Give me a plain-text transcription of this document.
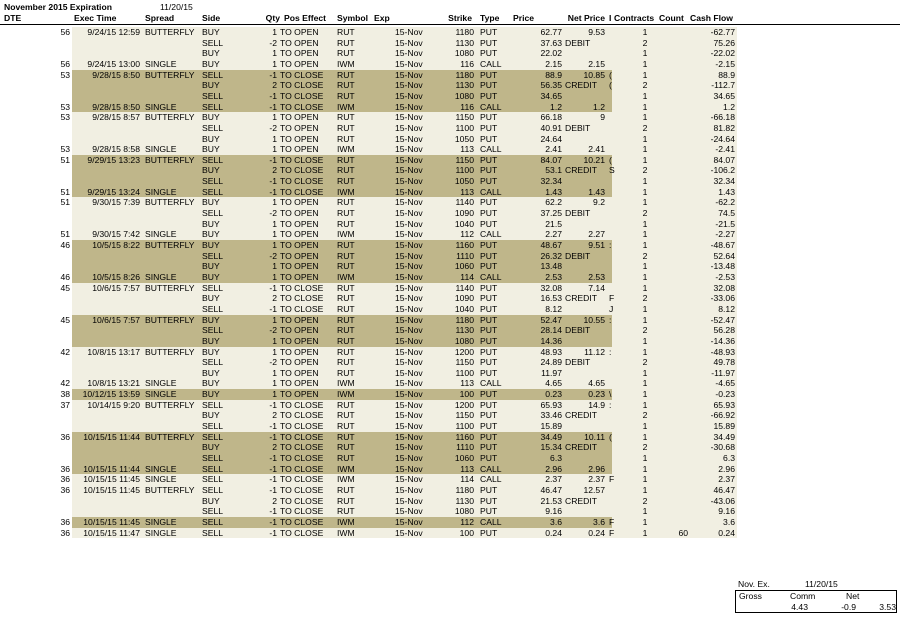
November 2015 Expiration	11/20/15
DTE	Exec Time	Spread	Side	Qty Pos Effect	Symbol Exp	Strike Type	Price	Net Price I Contracts Count Cash Flow
56	9/24/15 12:59 BUTTERFLY BUY	1 TO OPEN	RUT	15-Nov	1180 PUT	62.77	9.53	1	-62.77
SELL	-2 TO OPEN	RUT	15-Nov	1130 PUT	37.63 DEBIT	2	75.26
BUY	1 TO OPEN	RUT	15-Nov	1080 PUT	22.02	1	-22.02
56	9/24/15 13:00 SINGLE	BUY	1 TO OPEN	IWM	15-Nov	116 CALL	2.15	2.15	1	-2.15
53	9/28/15 8:50 BUTTERFLY SELL	-1 TO CLOSE	RUT	15-Nov	1180 PUT	88.9	10.85 (	1	88.9
BUY	2 TO CLOSE	RUT	15-Nov	1130 PUT	56.35 CREDIT	(	2	-112.7
SELL	-1 TO CLOSE	RUT	15-Nov	1080 PUT	34.65	1	34.65
53	9/28/15 8:50 SINGLE	SELL	-1 TO CLOSE	IWM	15-Nov	116 CALL	1.2	1.2	1	1.2
53	9/28/15 8:57 BUTTERFLY BUY	1 TO OPEN	RUT	15-Nov	1150 PUT	66.18	9	1	-66.18
SELL	-2 TO OPEN	RUT	15-Nov	1100 PUT	40.91 DEBIT	2	81.82
BUY	1 TO OPEN	RUT	15-Nov	1050 PUT	24.64	1	-24.64
53	9/28/15 8:58 SINGLE	BUY	1 TO OPEN	IWM	15-Nov	113 CALL	2.41	2.41	1	-2.41
51	9/29/15 13:23 BUTTERFLY SELL	-1 TO CLOSE	RUT	15-Nov	1150 PUT	84.07	10.21 (	1	84.07
BUY	2 TO CLOSE	RUT	15-Nov	1100 PUT	53.1 CREDIT	S	2	-106.2
SELL	-1 TO CLOSE	RUT	15-Nov	1050 PUT	32.34	1	32.34
51	9/29/15 13:24 SINGLE	SELL	-1 TO CLOSE	IWM	15-Nov	113 CALL	1.43	1.43	1	1.43
51	9/30/15 7:39 BUTTERFLY BUY	1 TO OPEN	RUT	15-Nov	1140 PUT	62.2	9.2	1	-62.2
SELL	-2 TO OPEN	RUT	15-Nov	1090 PUT	37.25 DEBIT	2	74.5
BUY	1 TO OPEN	RUT	15-Nov	1040 PUT	21.5	1	-21.5
51	9/30/15 7:42 SINGLE	BUY	1 TO OPEN	IWM	15-Nov	112 CALL	2.27	2.27	1	-2.27
46	10/5/15 8:22 BUTTERFLY BUY	1 TO OPEN	RUT	15-Nov	1160 PUT	48.67	9.51 :	1	-48.67
SELL	-2 TO OPEN	RUT	15-Nov	1110 PUT	26.32 DEBIT	2	52.64
BUY	1 TO OPEN	RUT	15-Nov	1060 PUT	13.48	1	-13.48
46	10/5/15 8:26 SINGLE	BUY	1 TO OPEN	IWM	15-Nov	114 CALL	2.53	2.53	1	-2.53
45	10/6/15 7:57 BUTTERFLY SELL	-1 TO CLOSE	RUT	15-Nov	1140 PUT	32.08	7.14	1	32.08
BUY	2 TO CLOSE	RUT	15-Nov	1090 PUT	16.53 CREDIT	F	2	-33.06
SELL	-1 TO CLOSE	RUT	15-Nov	1040 PUT	8.12	J	1	8.12
45	10/6/15 7:57 BUTTERFLY BUY	1 TO OPEN	RUT	15-Nov	1180 PUT	52.47	10.55 :	1	-52.47
SELL	-2 TO OPEN	RUT	15-Nov	1130 PUT	28.14 DEBIT	2	56.28
BUY	1 TO OPEN	RUT	15-Nov	1080 PUT	14.36	1	-14.36
42	10/8/15 13:17 BUTTERFLY BUY	1 TO OPEN	RUT	15-Nov	1200 PUT	48.93	11.12 :	1	-48.93
SELL	-2 TO OPEN	RUT	15-Nov	1150 PUT	24.89 DEBIT	2	49.78
BUY	1 TO OPEN	RUT	15-Nov	1100 PUT	11.97	1	-11.97
42	10/8/15 13:21 SINGLE	BUY	1 TO OPEN	IWM	15-Nov	113 CALL	4.65	4.65	1	-4.65
38	10/12/15 13:59 SINGLE	BUY	1 TO OPEN	IWM	15-Nov	100 PUT	0.23	0.23 \	1	-0.23
37	10/14/15 9:20 BUTTERFLY SELL	-1 TO CLOSE	RUT	15-Nov	1200 PUT	65.93	14.9 :	1	65.93
BUY	2 TO CLOSE	RUT	15-Nov	1150 PUT	33.46 CREDIT	2	-66.92
SELL	-1 TO CLOSE	RUT	15-Nov	1100 PUT	15.89	1	15.89
36	10/15/15 11:44 BUTTERFLY SELL	-1 TO CLOSE	RUT	15-Nov	1160 PUT	34.49	10.11 (	1	34.49
BUY	2 TO CLOSE	RUT	15-Nov	1110 PUT	15.34 CREDIT	2	-30.68
SELL	-1 TO CLOSE	RUT	15-Nov	1060 PUT	6.3	1	6.3
36	10/15/15 11:44 SINGLE	SELL	-1 TO CLOSE	IWM	15-Nov	113 CALL	2.96	2.96	1	2.96
36	10/15/15 11:45 SINGLE	SELL	-1 TO CLOSE	IWM	15-Nov	114 CALL	2.37	2.37 F	1	2.37
36	10/15/15 11:45 BUTTERFLY SELL	-1 TO CLOSE	RUT	15-Nov	1180 PUT	46.47	12.57	1	46.47
BUY	2 TO CLOSE	RUT	15-Nov	1130 PUT	21.53 CREDIT	2	-43.06
SELL	-1 TO CLOSE	RUT	15-Nov	1080 PUT	9.16	1	9.16
36	10/15/15 11:45 SINGLE	SELL	-1 TO CLOSE	IWM	15-Nov	112 CALL	3.6	3.6 F	1	3.6
36	10/15/15 11:47 SINGLE	SELL	-1 TO CLOSE	IWM	15-Nov	100 PUT	0.24	0.24 F	1	60	0.24
Gross	Comm	Net
4.43	-0.9	3.53
Nov. Ex.	11/20/15
